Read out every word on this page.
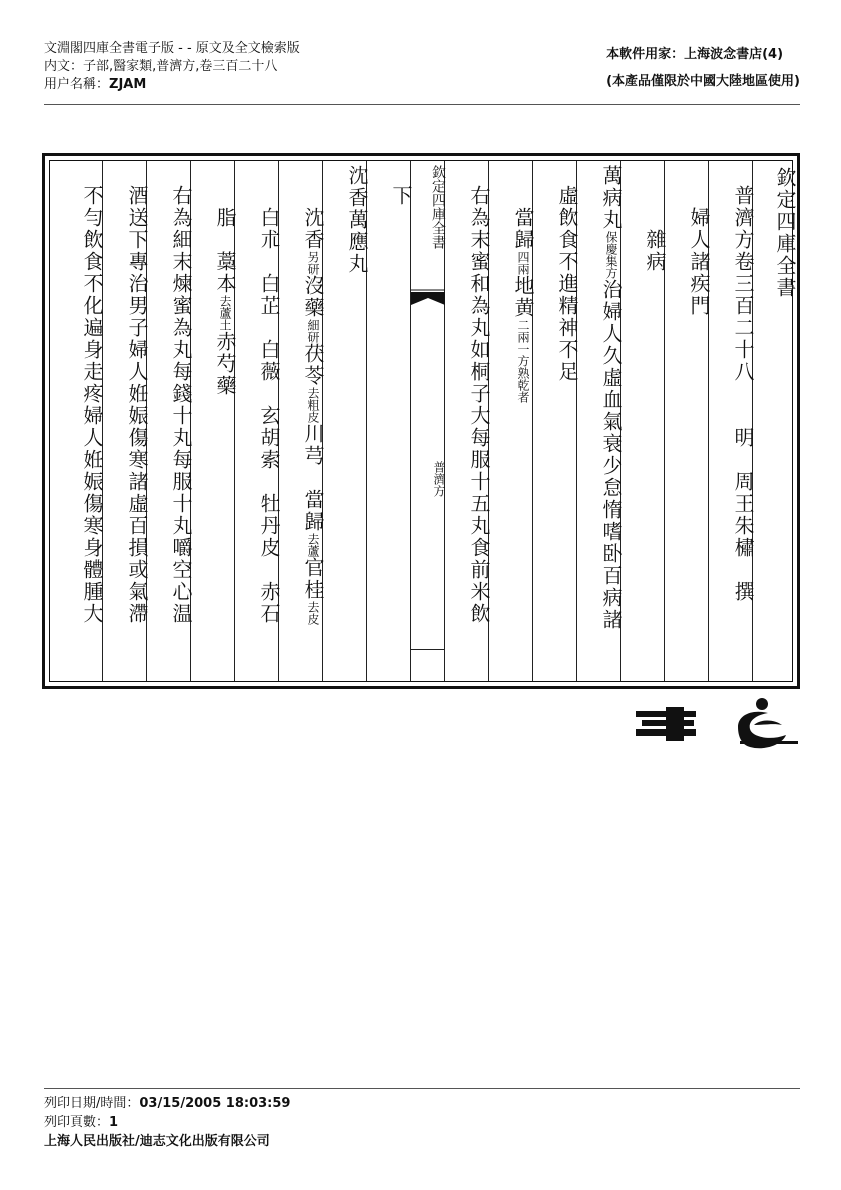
文淵閣四庫全書電子版 - - 原文及全文檢索版
内文：子部,醫家類,普濟方,卷三百二十八
用户名稱：ZJAM
本軟件用家：上海波念書店(4)
(本產品僅限於中國大陸地區使用)
欽定四庫全書
普濟方卷三百二十八　　明　周王朱橚　撰
婦人諸疾門
雜病
萬病丸保慶集方治婦人久虛血氣衰少怠惰嗜卧百病諸
虛飲食不進精神不足
當歸四兩地黄二兩一方熟乾者
右為末蜜和為丸如桐子大每服十五丸食前米飲
欽定四庫全書
普濟方
下
沈香萬應丸
沈香另研沒藥細研茯苓去粗皮川芎　當歸去蘆官桂去皮
白朮　白芷　白薇　玄胡索　牡丹皮　赤石
脂　藁本去蘆土赤芍藥
右為細末煉蜜為丸每錢十丸每服十丸嚼空心温
酒送下專治男子婦人姙娠傷寒諸虛百損或氣滯
不勻飲食不化遍身走疼婦人姙娠傷寒身體腫大
列印日期/時間：03/15/2005 18:03:59
列印頁數：1
上海人民出版社/迪志文化出版有限公司
